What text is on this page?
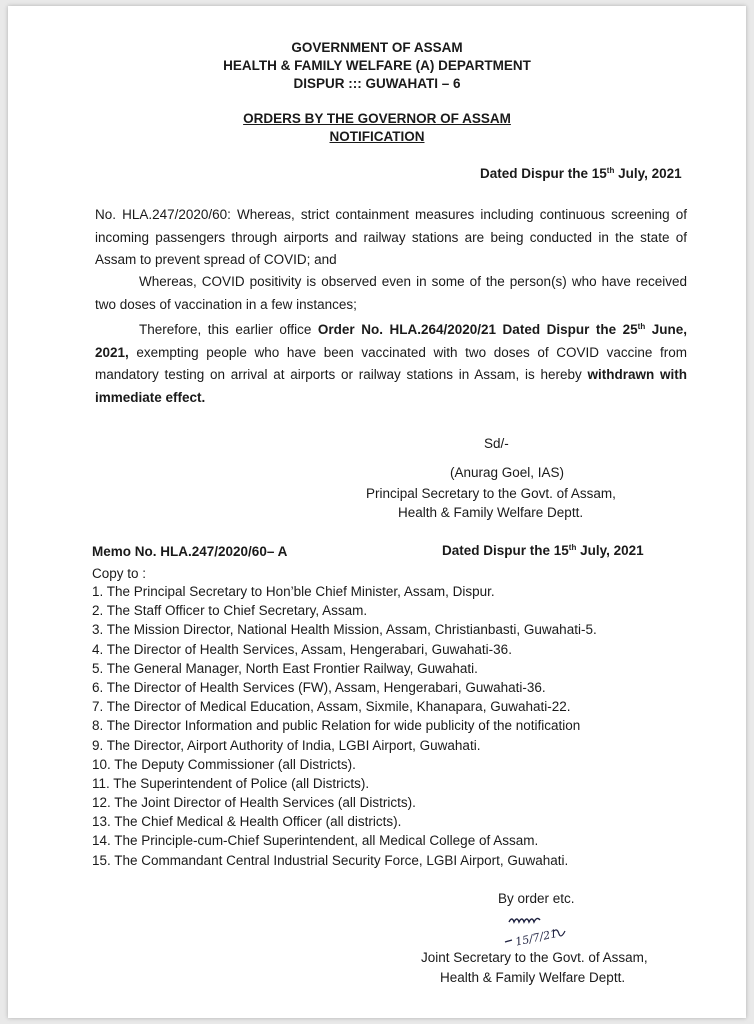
GOVERNMENT OF ASSAM
HEALTH & FAMILY WELFARE (A) DEPARTMENT
DISPUR ::: GUWAHATI – 6
ORDERS BY THE GOVERNOR OF ASSAM
NOTIFICATION
Dated Dispur the 15th July, 2021
No. HLA.247/2020/60: Whereas, strict containment measures including continuous screening of incoming passengers through airports and railway stations are being conducted in the state of Assam to prevent spread of COVID; and
Whereas, COVID positivity is observed even in some of the person(s) who have received two doses of vaccination in a few instances;
Therefore, this earlier office Order No. HLA.264/2020/21 Dated Dispur the 25th June, 2021, exempting people who have been vaccinated with two doses of COVID vaccine from mandatory testing on arrival at airports or railway stations in Assam, is hereby withdrawn with immediate effect.
Sd/-
(Anurag Goel, IAS)
Principal Secretary to the Govt. of Assam,
Health & Family Welfare Deptt.
Memo No. HLA.247/2020/60– A	Dated Dispur the 15th July, 2021
Copy to :
1. The Principal Secretary to Hon’ble Chief Minister, Assam, Dispur.
2. The Staff Officer to Chief Secretary, Assam.
3. The Mission Director, National Health Mission, Assam, Christianbasti, Guwahati-5.
4. The Director of Health Services, Assam, Hengerabari, Guwahati-36.
5. The General Manager, North East Frontier Railway, Guwahati.
6. The Director of Health Services (FW), Assam, Hengerabari, Guwahati-36.
7. The Director of Medical Education, Assam, Sixmile, Khanapara, Guwahati-22.
8. The Director Information and public Relation for wide publicity of the notification
9. The Director, Airport Authority of India, LGBI Airport, Guwahati.
10. The Deputy Commissioner (all Districts).
11. The Superintendent of Police (all Districts).
12. The Joint Director of Health Services (all Districts).
13. The Chief Medical & Health Officer (all districts).
14. The Principle-cum-Chief Superintendent, all Medical College of Assam.
15. The Commandant Central Industrial Security Force, LGBI Airport, Guwahati.
By order etc.
15/7/21
Joint Secretary to the Govt. of Assam,
Health & Family Welfare Deptt.
